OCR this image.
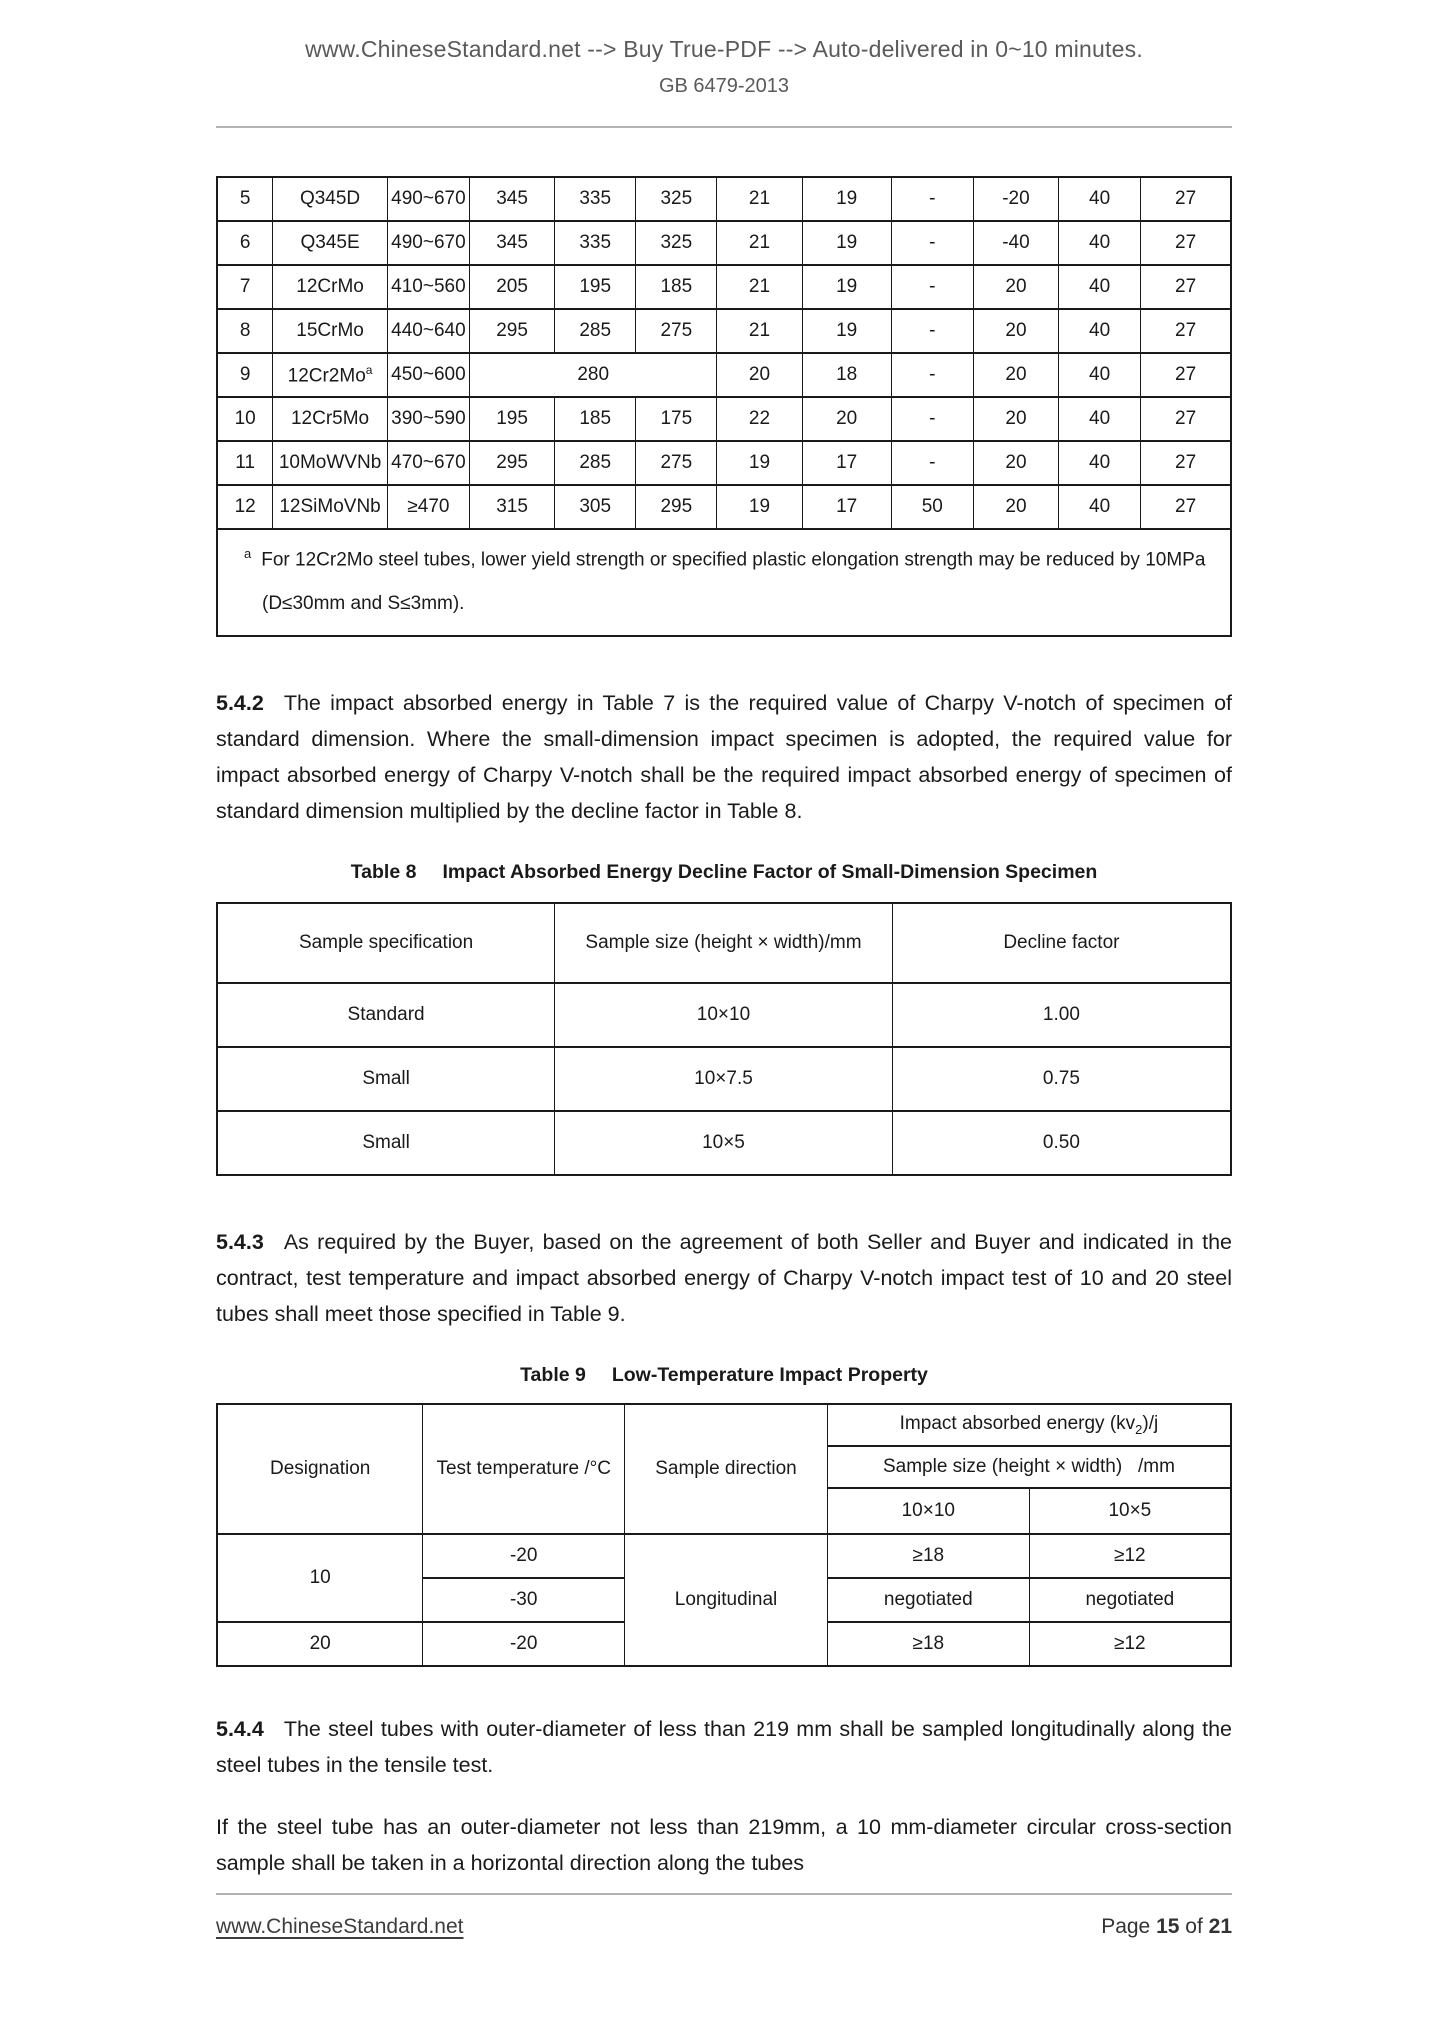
www.ChineseStandard.net --> Buy True-PDF --> Auto-delivered in 0~10 minutes.
GB 6479-2013
5	Q345D	490~670	345	335	325	21	19	-	-20	40	27
6	Q345E	490~670	345	335	325	21	19	-	-40	40	27
7	12CrMo	410~560	205	195	185	21	19	-	20	40	27
8	15CrMo	440~640	295	285	275	21	19	-	20	40	27
9	12Cr2Mo$^a$	450~600	280			20	18	-	20	40	27
10	12Cr5Mo	390~590	195	185	175	22	20	-	20	40	27
11	10MoWVNb	470~670	295	285	275	19	17	-	20	40	27
12	12SiMoVNb	≥470	315	305	295	19	17	50	20	40	27

$^a$ For 12Cr2Mo steel tubes, lower yield strength or specified plastic elongation strength may be reduced by 10MPa
(D≤30mm and S≤3mm).											
5.4.2 The impact absorbed energy in Table 7 is the required value of Charpy V-notch of specimen of standard dimension. Where the small-dimension impact specimen is adopted, the required value for impact absorbed energy of Charpy V-notch shall be the required impact absorbed energy of specimen of standard dimension multiplied by the decline factor in Table 8.
Table 8 Impact Absorbed Energy Decline Factor of Small-Dimension Specimen
Sample specification	Sample size (height × width)/mm	Decline factor
Standard	10×10	1.00
Small	10×7.5	0.75
Small	10×5	0.50
5.4.3 As required by the Buyer, based on the agreement of both Seller and Buyer and indicated in the contract, test temperature and impact absorbed energy of Charpy V-notch impact test of 10 and 20 steel tubes shall meet those specified in Table 9.
Table 9 Low-Temperature Impact Property
Designation	Test temperature /°C	Sample direction	Impact absorbed energy $(kv_2)/j$	
			Sample size (height × width)   /mm	
			10×10	10×5
10	-20	Longitudinal	≥18	≥12
	-30		negotiated	negotiated
20	-20		≥18	≥12
5.4.4 The steel tubes with outer-diameter of less than 219 mm shall be sampled longitudinally along the steel tubes in the tensile test.
If the steel tube has an outer-diameter not less than 219mm, a 10 mm-diameter circular cross-section sample shall be taken in a horizontal direction along the tubes
www.ChineseStandard.net	Page 15 of 21
